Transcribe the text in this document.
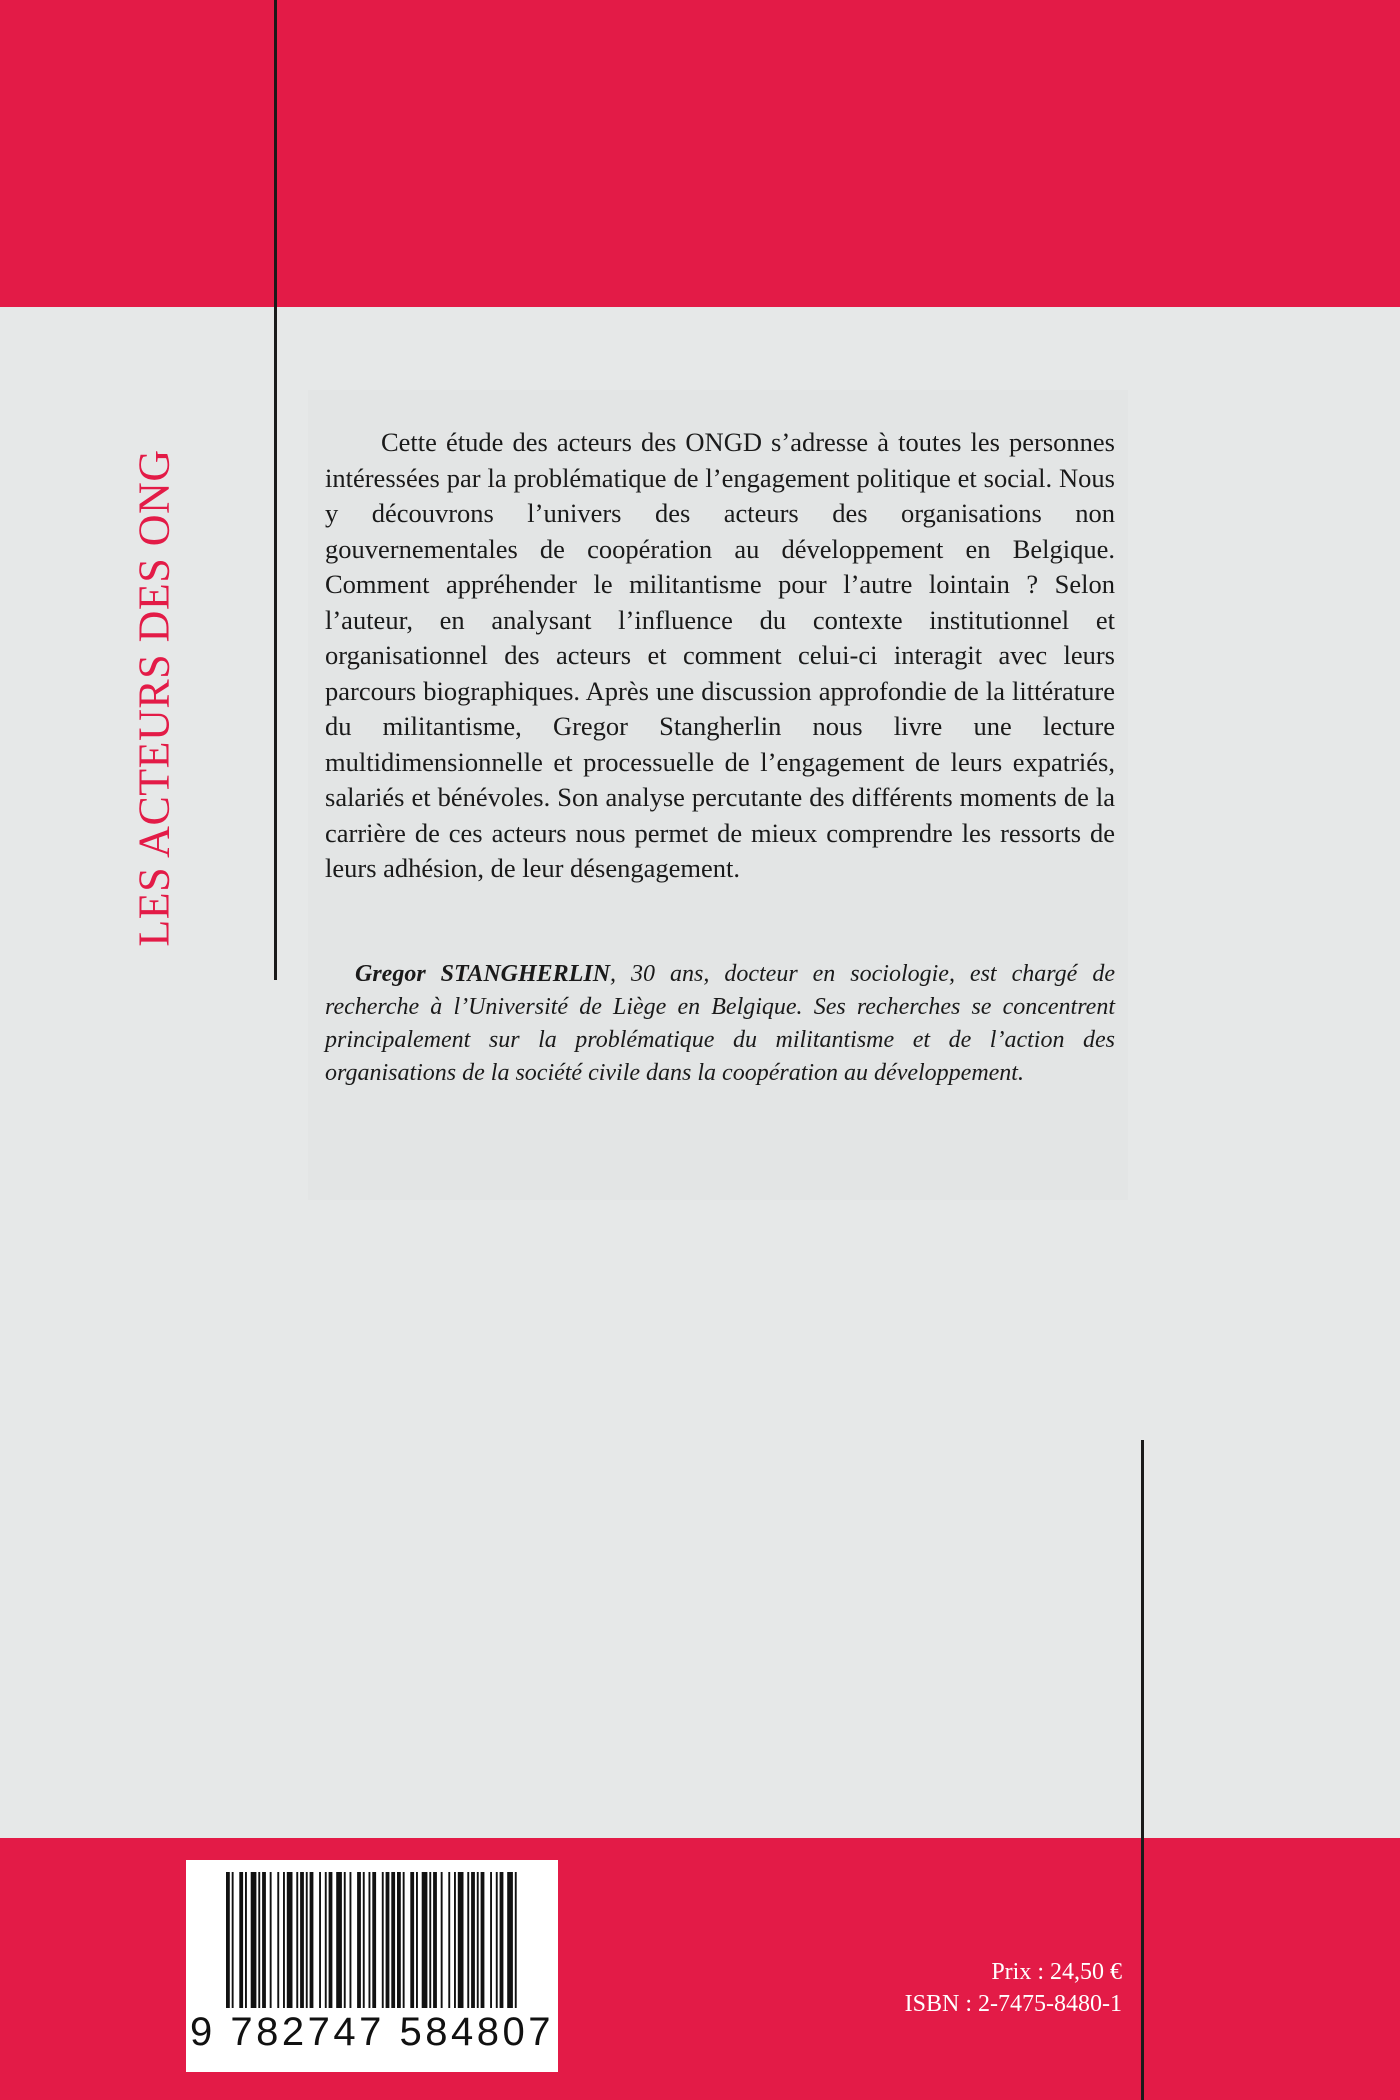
LES ACTEURS DES ONG

Cette étude des acteurs des ONGD s’adresse à toutes les personnes intéressées par la problématique de l’engagement politique et social. Nous y découvrons l’univers des acteurs des organisations non gouvernementales de coopération au développement en Belgique. Comment appréhender le militantisme pour l’autre lointain ? Selon l’auteur, en analysant l’influence du contexte institutionnel et organisationnel des acteurs et comment celui-ci interagit avec leurs parcours biographiques. Après une discussion approfondie de la littérature du militantisme, Gregor Stangherlin nous livre une lecture multidimensionnelle et processuelle de l’engagement de leurs expatriés, salariés et bénévoles. Son analyse percutante des différents moments de la carrière de ces acteurs nous permet de mieux comprendre les ressorts de leurs adhésion, de leur désengagement.

Gregor STANGHERLIN, 30 ans, docteur en sociologie, est chargé de recherche à l’Université de Liège en Belgique. Ses recherches se concentrent principalement sur la problématique du militantisme et de l’action des organisations de la société civile dans la coopération au développement.

9 782747 584807
Prix : 24,50 €
ISBN : 2-7475-8480-1
